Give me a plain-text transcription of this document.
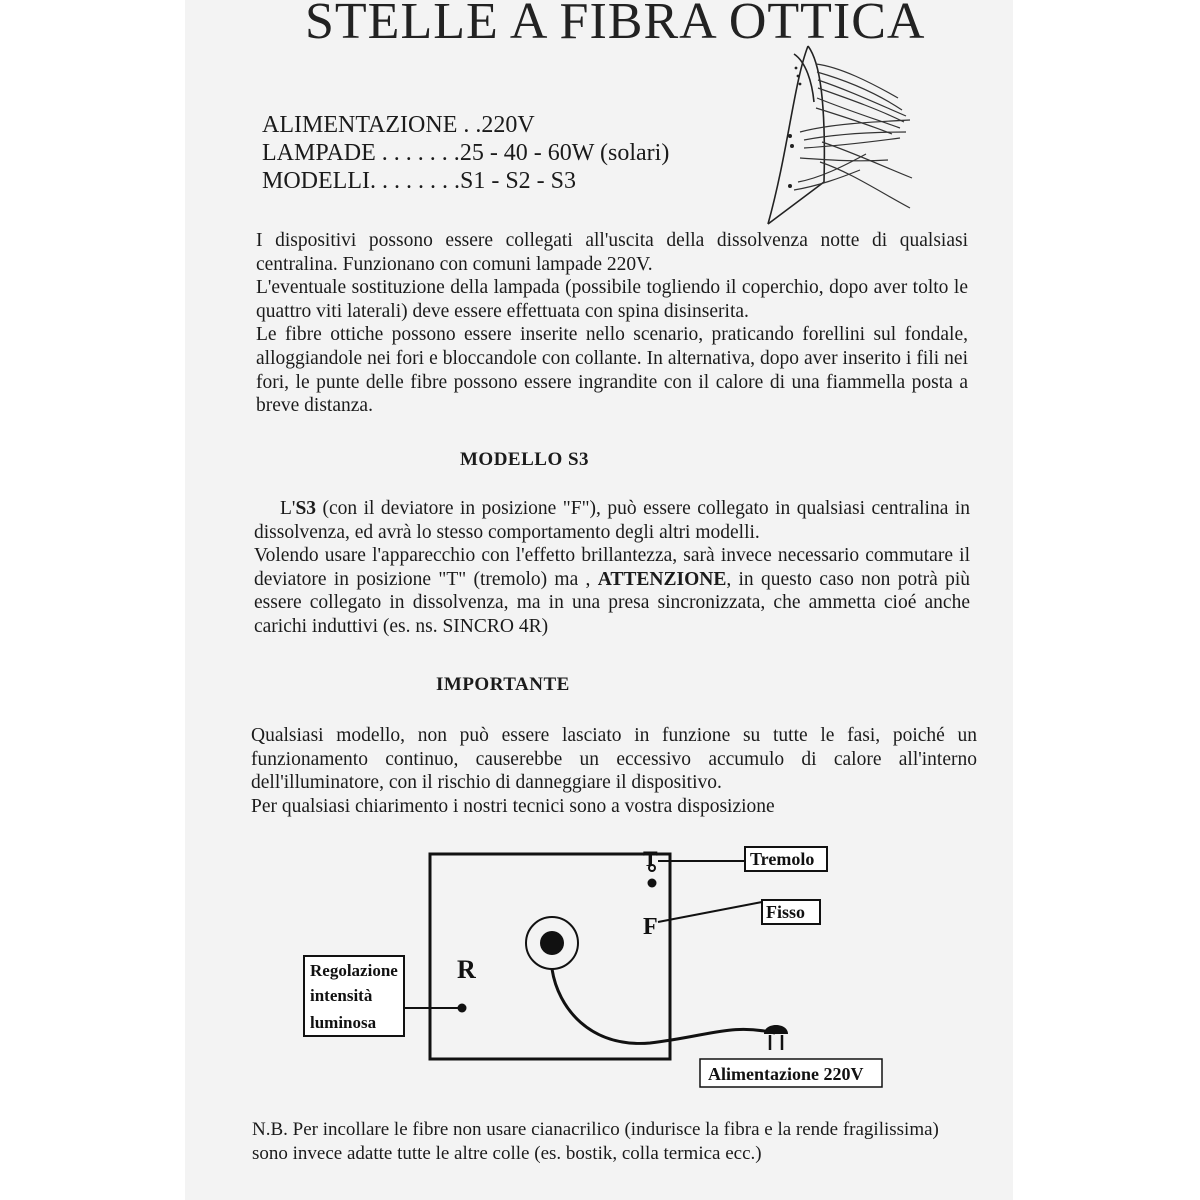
STELLE A FIBRA OTTICA
ALIMENTAZIONE . .220V
LAMPADE . . . . . . .25 - 40 - 60W (solari)
MODELLI. . . . . . . .S1 - S2 - S3

I dispositivi possono essere collegati all'uscita della dissolvenza notte di qualsiasi centralina. Funzionano con comuni lampade 220V.

L'eventuale sostituzione della lampada (possibile togliendo il coperchio, dopo aver tolto le quattro viti laterali) deve essere effettuata con spina disinserita.

Le fibre ottiche possono essere inserite nello scenario, praticando forellini sul fondale, alloggiandole nei fori e bloccandole con collante. In alternativa, dopo aver inserito i fili nei fori, le punte delle fibre possono essere ingrandite con il calore di una fiammella posta a breve distanza.

MODELLO S3

L'S3 (con il deviatore in posizione "F"), può essere collegato in qualsiasi centralina in dissolvenza, ed avrà lo stesso comportamento degli altri modelli.

Volendo usare l'apparecchio con l'effetto brillantezza, sarà invece necessario commutare il deviatore in posizione "T" (tremolo) ma , ATTENZIONE, in questo caso non potrà più essere collegato in dissolvenza, ma in una presa sincronizzata, che ammetta cioé anche carichi induttivi (es. ns. SINCRO 4R)

IMPORTANTE

Qualsiasi modello, non può essere lasciato in funzione su tutte le fasi, poiché un funzionamento continuo, causerebbe un eccessivo accumulo di calore all'interno dell'illuminatore, con il rischio di danneggiare il dispositivo.

Per qualsiasi chiarimento i nostri tecnici sono a vostra disposizione

T	Tremolo
F
Fisso
Alimentazione 220V
R
Regolazione
intensità
luminosa
N.B. Per incollare le fibre non usare cianacrilico (indurisce la fibra e la rende fragilissima) sono invece adatte tutte le altre colle (es. bostik, colla termica ecc.)
